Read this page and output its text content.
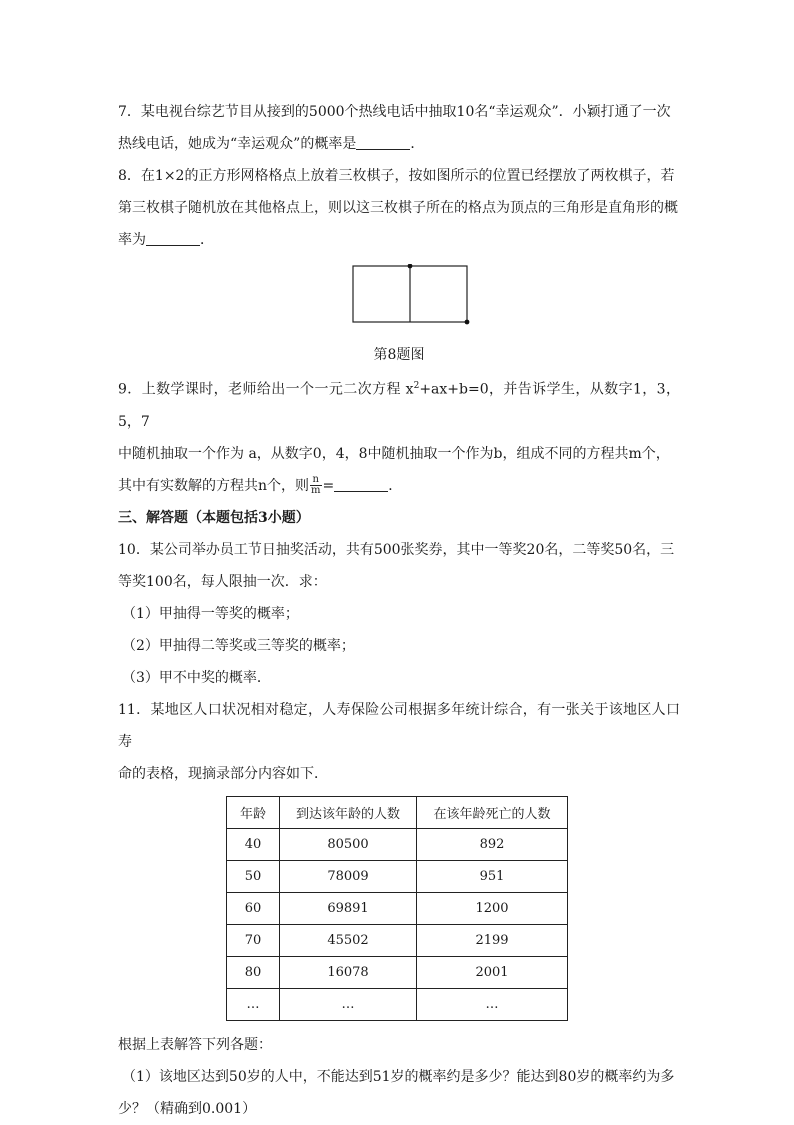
7．某电视台综艺节目从接到的5000个热线电话中抽取10名“幸运观众”．小颖打通了一次

热线电话，她成为“幸运观众”的概率是	．

8．在1×2的正方形网格格点上放着三枚棋子，按如图所示的位置已经摆放了两枚棋子，若

第三枚棋子随机放在其他格点上，则以这三枚棋子所在的格点为顶点的三角形是直角形的概

率为	．

第8题图

9．上数学课时，老师给出一个一元二次方程 $x^2+ax+b=0$，并告诉学生，从数字1，3，5，7

中随机抽取一个作为 a，从数字0，4，8中随机抽取一个作为b，组成不同的方程共m个，

其中有实数解的方程共n个，则 $\frac{n}{m}$ =	．

三、解答题（本题包括3小题）

10．某公司举办员工节日抽奖活动，共有500张奖券，其中一等奖20名，二等奖50名，三

等奖100名，每人限抽一次．求：

（1）甲抽得一等奖的概率；

（2）甲抽得二等奖或三等奖的概率；

（3）甲不中奖的概率．

11．某地区人口状况相对稳定，人寿保险公司根据多年统计综合，有一张关于该地区人口寿

命的表格，现摘录部分内容如下．

年龄	到达该年龄的人数	在该年龄死亡的人数
40	80500	892
50	78009	951
60	69891	1200
70	45502	2199
80	16078	2001
…	…	…

根据上表解答下列各题：

（1）该地区达到50岁的人中，不能达到51岁的概率约是多少？能达到80岁的概率约为多

少？（精确到0.001）
